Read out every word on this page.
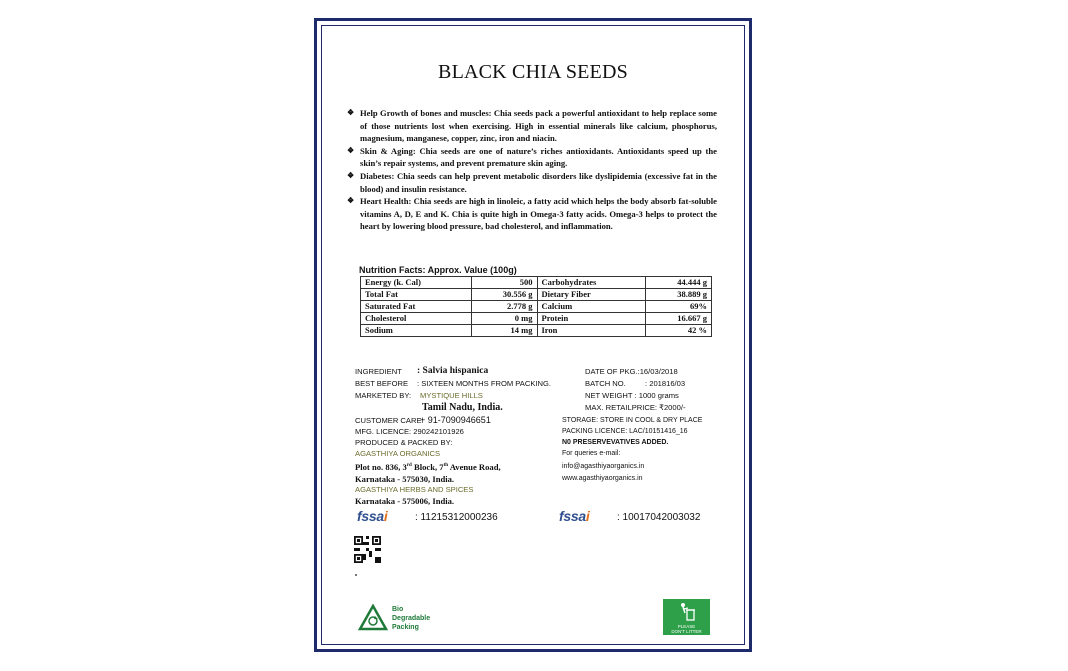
BLACK CHIA SEEDS
❖ Help Growth of bones and muscles: Chia seeds pack a powerful antioxidant to help replace some of those nutrients lost when exercising. High in essential minerals like calcium, phosphorus, magnesium, manganese, copper, zinc, iron and niacin.
❖ Skin & Aging: Chia seeds are one of nature’s riches antioxidants. Antioxidants speed up the skin’s repair systems, and prevent premature skin aging.
❖ Diabetes: Chia seeds can help prevent metabolic disorders like dyslipidemia (excessive fat in the blood) and insulin resistance.
❖ Heart Health: Chia seeds are high in linoleic, a fatty acid which helps the body absorb fat-soluble vitamins A, D, E and K. Chia is quite high in Omega-3 fatty acids. Omega-3 helps to protect the heart by lowering blood pressure, bad cholesterol, and inflammation.
Nutrition Facts: Approx. Value (100g)
Energy (k. Cal)	500	Carbohydrates	44.444 g
Total Fat	30.556 g	Dietary Fiber	38.889 g
Saturated Fat	2.778 g	Calcium	69%
Cholesterol	0 mg	Protein	16.667 g
Sodium	14 mg	Iron	42 %
INGREDIENT : Salvia hispanica
BEST BEFORE : SIXTEEN MONTHS FROM PACKING.
MARKETED BY: MYSTIQUE HILLS
Tamil Nadu, India.
CUSTOMER CARE:
+ 91-7090946651
MFG. LICENCE: 290242101926
PRODUCED & PACKED BY:
AGASTHIYA ORGANICS
Plot no. 836, 3rd Block, 7th Avenue Road,
Karnataka - 575030, India.
AGASTHIYA HERBS AND SPICES
Karnataka - 575006, India.
DATE OF PKG.:16/03/2018
BATCH NO.	: 201816/03
NET WEIGHT : 1000 grams
MAX. RETAILPRICE: ₹2000/-
STORAGE: STORE IN COOL & DRY PLACE
PACKING LICENCE: LAC/10151416_16
N0 PRESERVEVATIVES ADDED.
For queries e-mail:
info@agasthiyaorganics.in
www.agasthiyaorganics.in
fssai	: 11215312000236	fssai	: 10017042003032
Bio
Degradable
Packing	PLEASE
DON'T LITTER
